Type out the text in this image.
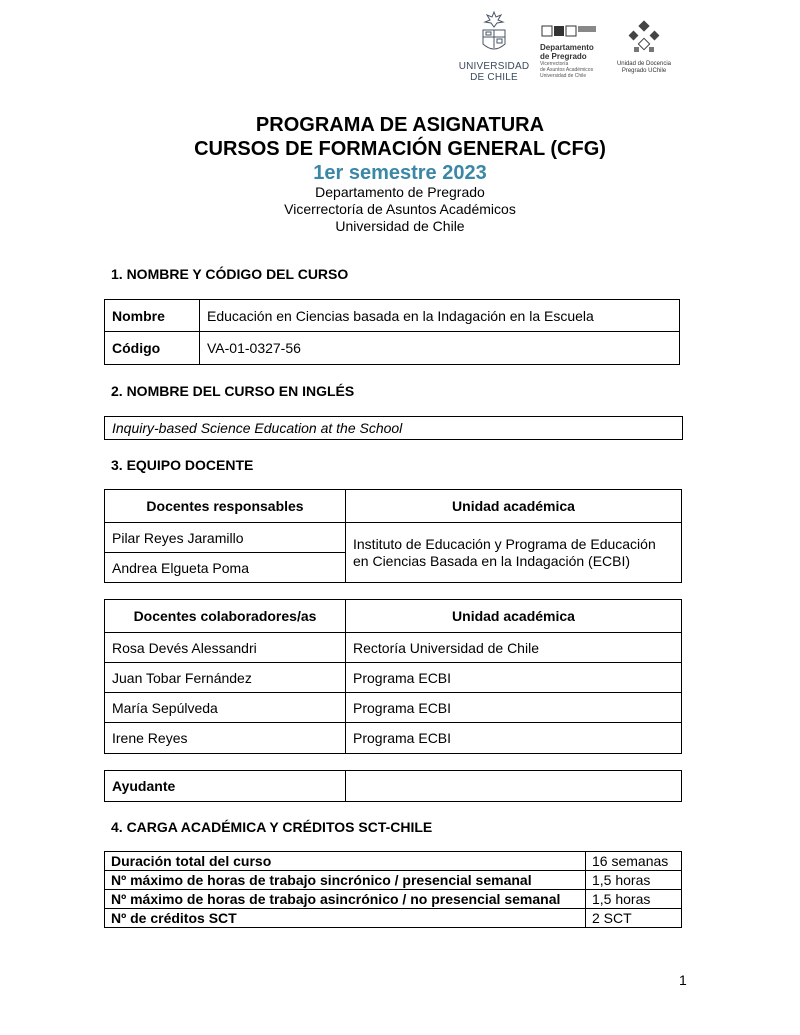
UNIVERSIDAD
DE CHILE
Departamento
de Pregrado
Vicerrectoría
de Asuntos Académicos
Universidad de Chile
Unidad de Docencia
Pregrado UChile
PROGRAMA DE ASIGNATURA
CURSOS DE FORMACIÓN GENERAL (CFG)
1er semestre 2023
Departamento de Pregrado
Vicerrectoría de Asuntos Académicos
Universidad de Chile
1. NOMBRE Y CÓDIGO DEL CURSO
Nombre	Educación en Ciencias basada en la Indagación en la Escuela
Código	VA-01-0327-56
2. NOMBRE DEL CURSO EN INGLÉS
Inquiry-based Science Education at the School
3. EQUIPO DOCENTE
Docentes responsables	Unidad académica
Pilar Reyes Jaramillo	Instituto de Educación y Programa de Educación
en Ciencias Basada en la Indagación (ECBI)

Andrea Elgueta Poma	
Docentes colaboradores/as	Unidad académica
Rosa Devés Alessandri	Rectoría Universidad de Chile
Juan Tobar Fernández	Programa ECBI
María Sepúlveda	Programa ECBI
Irene Reyes	Programa ECBI
Ayudante	
4. CARGA ACADÉMICA Y CRÉDITOS SCT-CHILE
Duración total del curso	16 semanas
Nº máximo de horas de trabajo sincrónico / presencial semanal	1,5 horas
Nº máximo de horas de trabajo asincrónico / no presencial semanal	1,5 horas
Nº de créditos SCT	2 SCT
1
